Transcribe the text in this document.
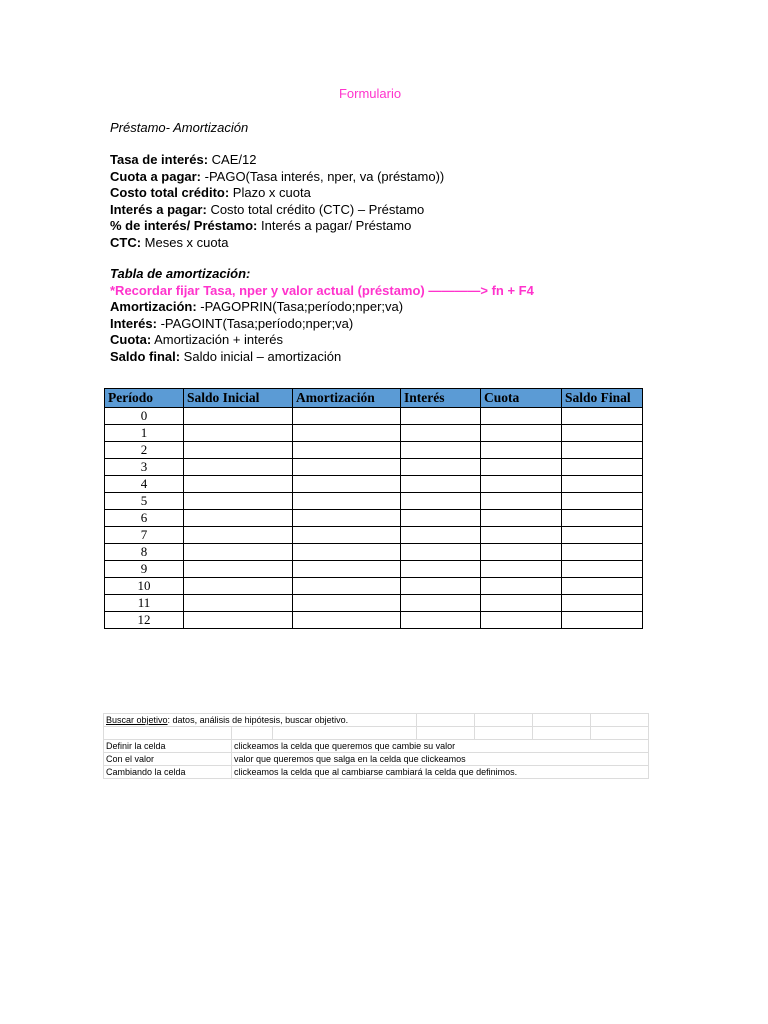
Formulario
Préstamo- Amortización
Tasa de interés: CAE/12
Cuota a pagar: -PAGO(Tasa interés, nper, va (préstamo))
Costo total crédito: Plazo x cuota
Interés a pagar: Costo total crédito (CTC) – Préstamo
% de interés/ Préstamo: Interés a pagar/ Préstamo
CTC: Meses x cuota
Tabla de amortización:
*Recordar fijar Tasa, nper y valor actual (préstamo) ————> fn + F4
Amortización: -PAGOPRIN(Tasa;período;nper;va)
Interés: -PAGOINT(Tasa;período;nper;va)
Cuota: Amortización + interés
Saldo final: Saldo inicial – amortización
Período	Saldo Inicial	Amortización	Interés	Cuota	Saldo Final
0					
1					
2					
3					
4					
5					
6					
7					
8					
9					
10					
11					
12					
Buscar objetivo: datos, análisis de hipótesis, buscar objetivo.						

Definir la celda	clickeamos la celda que queremos que cambie su valor					
Con el valor	valor que queremos que salga en la celda que clickeamos					
Cambiando la celda	clickeamos la celda que al cambiarse cambiará la celda que definimos.					
